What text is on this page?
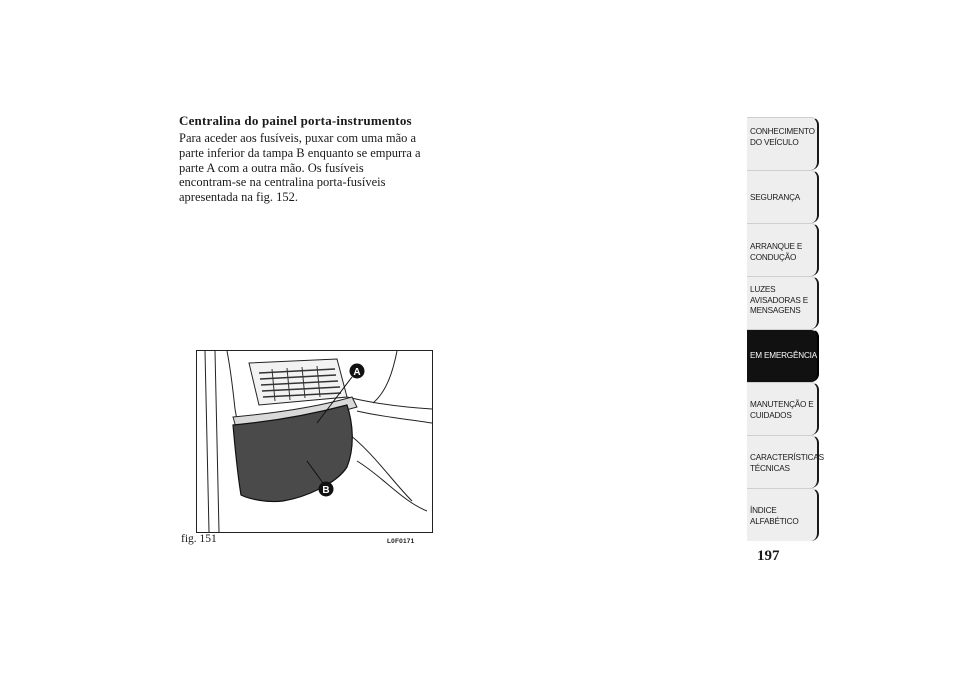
Centralina do painel porta-instrumentos

Para aceder aos fusíveis, puxar com uma mão a
parte inferior da tampa B enquanto se empurra a
parte A com a outra mão. Os fusíveis
encontram-se na centralina porta-fusíveis
apresentada na fig. 152.

A
B
fig. 151	L0F0171
CONHECIMENTO
DO VEÍCULO
SEGURANÇA
ARRANQUE E
CONDUÇÃO
LUZES
AVISADORAS E
MENSAGENS
EM EMERGÊNCIA
MANUTENÇÃO E
CUIDADOS
CARACTERÍSTICAS
TÉCNICAS
ÍNDICE
ALFABÉTICO
197
